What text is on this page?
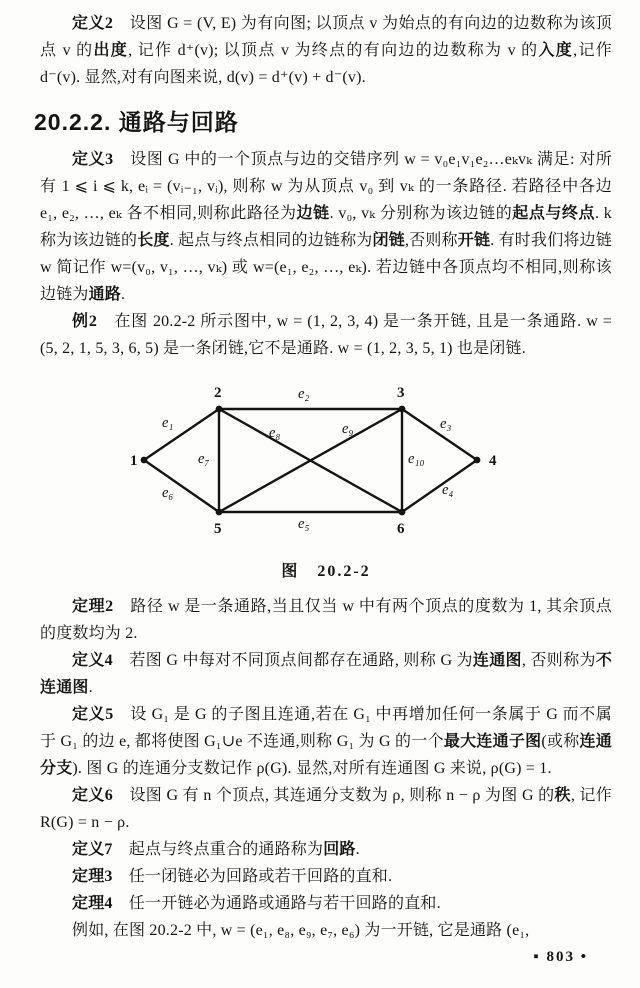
定义2　设图 G = (V, E) 为有向图; 以顶点 v 为始点的有向边的边数称为该顶点 v 的出度, 记作 d⁺(v); 以顶点 v 为终点的有向边的边数称为 v 的入度,记作 d⁻(v). 显然,对有向图来说, d(v) = d⁺(v) + d⁻(v).

20.2.2. 通路与回路

定义3　设图 G 中的一个顶点与边的交错序列 w = v₀e₁v₁e₂…eₖvₖ 满足: 对所有 1 ⩽ i ⩽ k, eᵢ = (vᵢ₋₁, vᵢ), 则称 w 为从顶点 v₀ 到 vₖ 的一条路径. 若路径中各边 e₁, e₂, …, eₖ 各不相同,则称此路径为边链. v₀, vₖ 分别称为该边链的起点与终点. k 称为该边链的长度. 起点与终点相同的边链称为闭链,否则称开链. 有时我们将边链 w 简记作 w=(v₀, v₁, …, vₖ) 或 w=(e₁, e₂, …, eₖ). 若边链中各顶点均不相同,则称该边链为通路.

例2　在图 20.2-2 所示图中, w = (1, 2, 3, 4) 是一条开链, 且是一条通路. w = (5, 2, 1, 5, 3, 6, 5) 是一条闭链,它不是通路. w = (1, 2, 3, 5, 1) 也是闭链.

1
2	3
4
5	6
e₁
e₂
e₃
e₄
e₅
e₆
e₇
e₈	e₉
e₁₀
图　20.2-2

定理2　路径 w 是一条通路,当且仅当 w 中有两个顶点的度数为 1, 其余顶点的度数均为 2.

定义4　若图 G 中每对不同顶点间都存在通路, 则称 G 为连通图, 否则称为不连通图.

定义5　设 G₁ 是 G 的子图且连通,若在 G₁ 中再增加任何一条属于 G 而不属于 G₁ 的边 e, 都将使图 G₁∪e 不连通,则称 G₁ 为 G 的一个最大连通子图(或称连通分支). 图 G 的连通分支数记作 ρ(G). 显然,对所有连通图 G 来说, ρ(G) = 1.

定义6　设图 G 有 n 个顶点, 其连通分支数为 ρ, 则称 n − ρ 为图 G 的秩, 记作 R(G) = n − ρ.

定义7　起点与终点重合的通路称为回路.

定理3　任一闭链必为回路或若干回路的直和.

定理4　任一开链必为通路或通路与若干回路的直和.

例如, 在图 20.2-2 中, w = (e₁, e₈, e₉, e₇, e₆) 为一开链, 它是通路 (e₁,

▪ 803 •
